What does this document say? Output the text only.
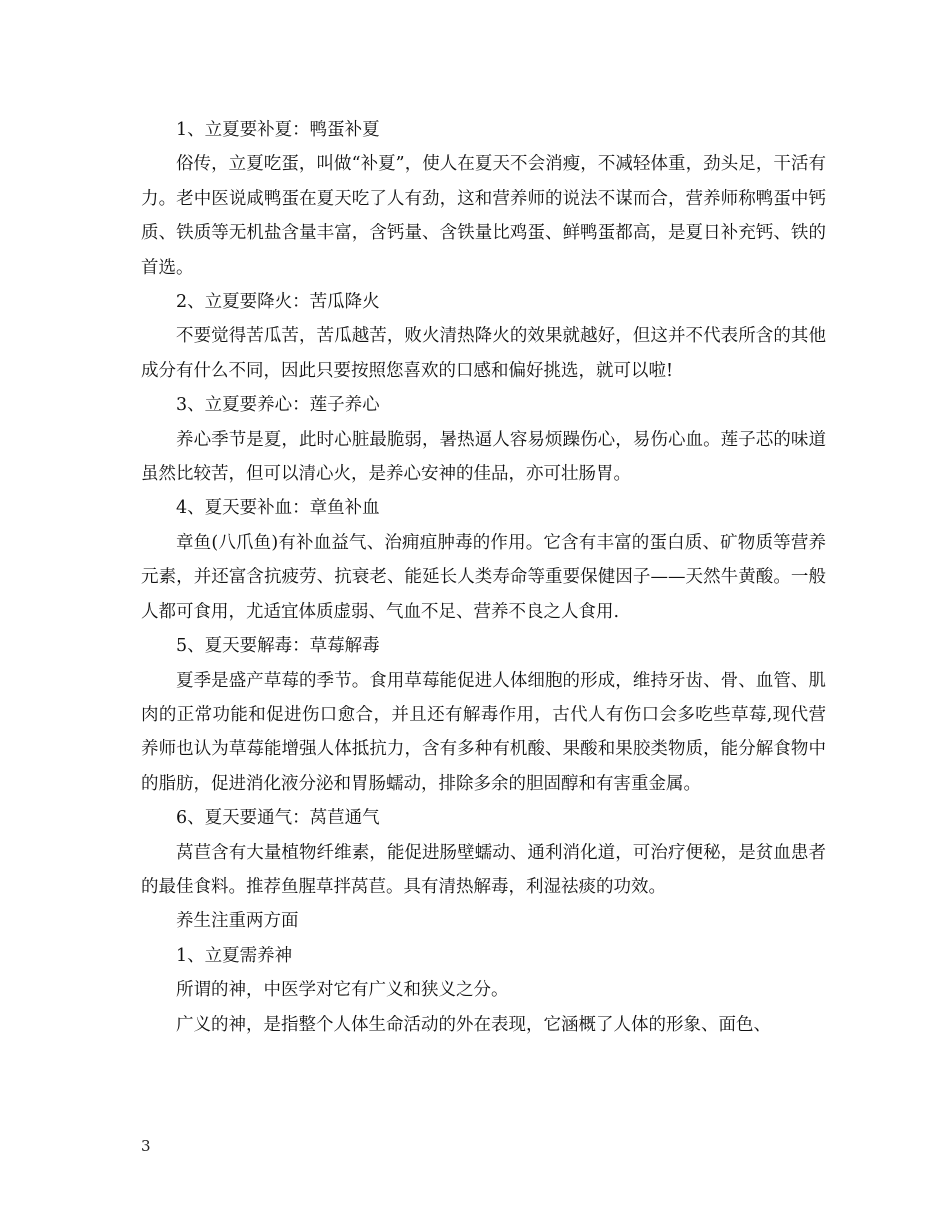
1、立夏要补夏：鸭蛋补夏

俗传，立夏吃蛋，叫做“补夏”，使人在夏天不会消瘦，不减轻体重，劲头足，干活有力。老中医说咸鸭蛋在夏天吃了人有劲，这和营养师的说法不谋而合，营养师称鸭蛋中钙质、铁质等无机盐含量丰富，含钙量、含铁量比鸡蛋、鲜鸭蛋都高，是夏日补充钙、铁的首选。

2、立夏要降火：苦瓜降火

不要觉得苦瓜苦，苦瓜越苦，败火清热降火的效果就越好，但这并不代表所含的其他成分有什么不同，因此只要按照您喜欢的口感和偏好挑选，就可以啦!

3、立夏要养心：莲子养心

养心季节是夏，此时心脏最脆弱，暑热逼人容易烦躁伤心，易伤心血。莲子芯的味道虽然比较苦，但可以清心火，是养心安神的佳品，亦可壮肠胃。

4、夏天要补血：章鱼补血

章鱼(八爪鱼)有补血益气、治痈疽肿毒的作用。它含有丰富的蛋白质、矿物质等营养元素，并还富含抗疲劳、抗衰老、能延长人类寿命等重要保健因子——天然牛黄酸。一般人都可食用，尤适宜体质虚弱、气血不足、营养不良之人食用.

5、夏天要解毒：草莓解毒

夏季是盛产草莓的季节。食用草莓能促进人体细胞的形成，维持牙齿、骨、血管、肌肉的正常功能和促进伤口愈合，并且还有解毒作用，古代人有伤口会多吃些草莓,现代营养师也认为草莓能增强人体抵抗力，含有多种有机酸、果酸和果胶类物质，能分解食物中的脂肪，促进消化液分泌和胃肠蠕动，排除多余的胆固醇和有害重金属。

6、夏天要通气：莴苣通气

莴苣含有大量植物纤维素，能促进肠壁蠕动、通利消化道，可治疗便秘，是贫血患者的最佳食料。推荐鱼腥草拌莴苣。具有清热解毒，利湿祛痰的功效。

养生注重两方面

1、立夏需养神

所谓的神，中医学对它有广义和狭义之分。

广义的神，是指整个人体生命活动的外在表现，它涵概了人体的形象、面色、

3
